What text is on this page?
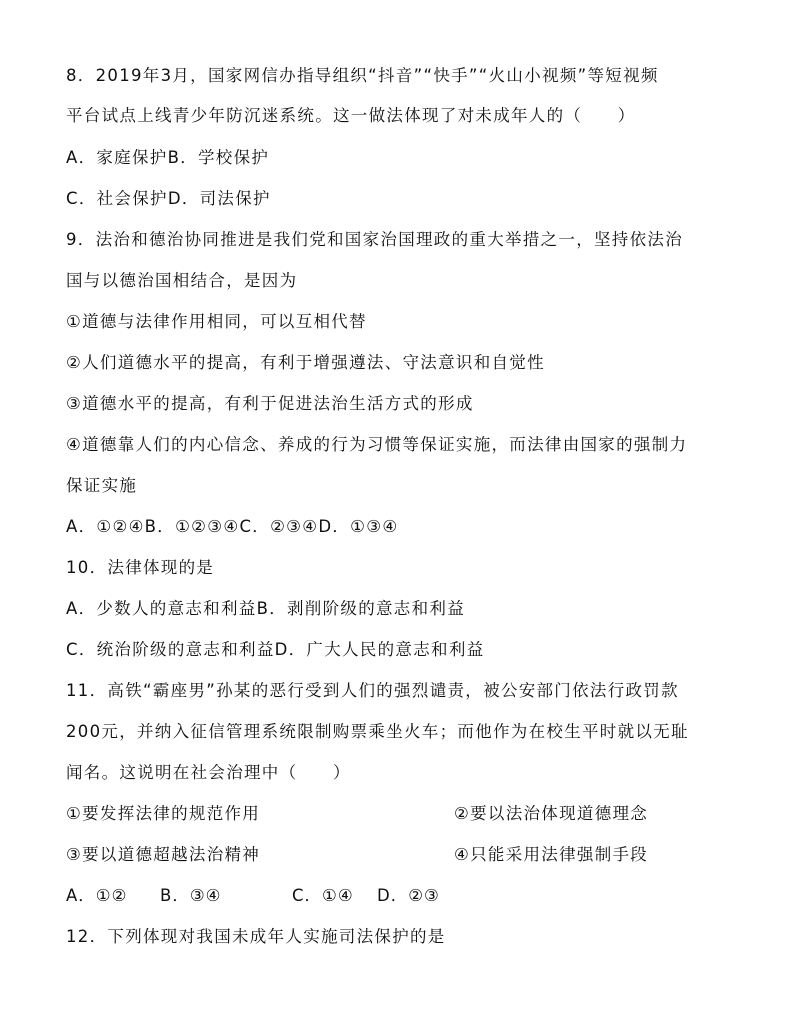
8．2019年3月，国家网信办指导组织“抖音”“快手”“火山小视频”等短视频
平台试点上线青少年防沉迷系统。这一做法体现了对未成年人的（　　）
A．家庭保护B．学校保护
C．社会保护D．司法保护
9．法治和德治协同推进是我们党和国家治国理政的重大举措之一，坚持依法治
国与以德治国相结合，是因为
①道德与法律作用相同，可以互相代替
②人们道德水平的提高，有利于增强遵法、守法意识和自觉性
③道德水平的提高，有利于促进法治生活方式的形成
④道德靠人们的内心信念、养成的行为习惯等保证实施，而法律由国家的强制力
保证实施
A．①②④B．①②③④C．②③④D．①③④
10．法律体现的是
A．少数人的意志和利益B．剥削阶级的意志和利益
C．统治阶级的意志和利益D．广大人民的意志和利益
11．高铁“霸座男”孙某的恶行受到人们的强烈谴责，被公安部门依法行政罚款
200元，并纳入征信管理系统限制购票乘坐火车；而他作为在校生平时就以无耻
闻名。这说明在社会治理中（　　）
①要发挥法律的规范作用	②要以法治体现道德理念
③要以道德超越法治精神	④只能采用法律强制手段
A．①② B．③④	C．①④ D．②③
12．下列体现对我国未成年人实施司法保护的是
